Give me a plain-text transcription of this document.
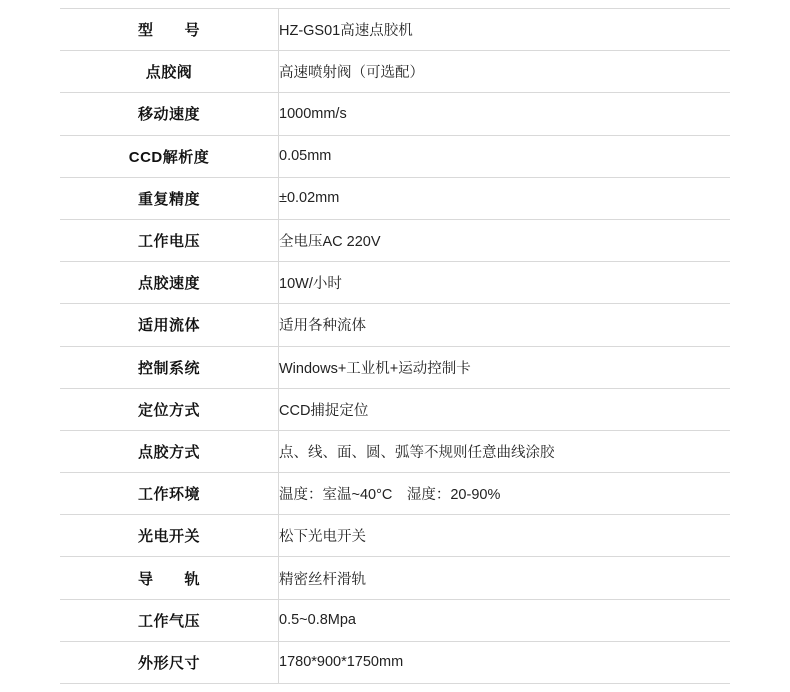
型　　号	HZ-GS01高速点胶机

点胶阀	高速喷射阀（可选配）

移动速度	1000mm/s

CCD解析度	0.05mm

重复精度	±0.02mm

工作电压	全电压AC 220V

点胶速度	10W/小时

适用流体	适用各种流体

控制系统	Windows+工业机+运动控制卡

定位方式	CCD捕捉定位

点胶方式	点、线、面、圆、弧等不规则任意曲线涂胶

工作环境	温度：室温~40°C　湿度：20-90%

光电开关	松下光电开关

导　　轨	精密丝杆滑轨

工作气压	0.5~0.8Mpa

外形尺寸	1780*900*1750mm
